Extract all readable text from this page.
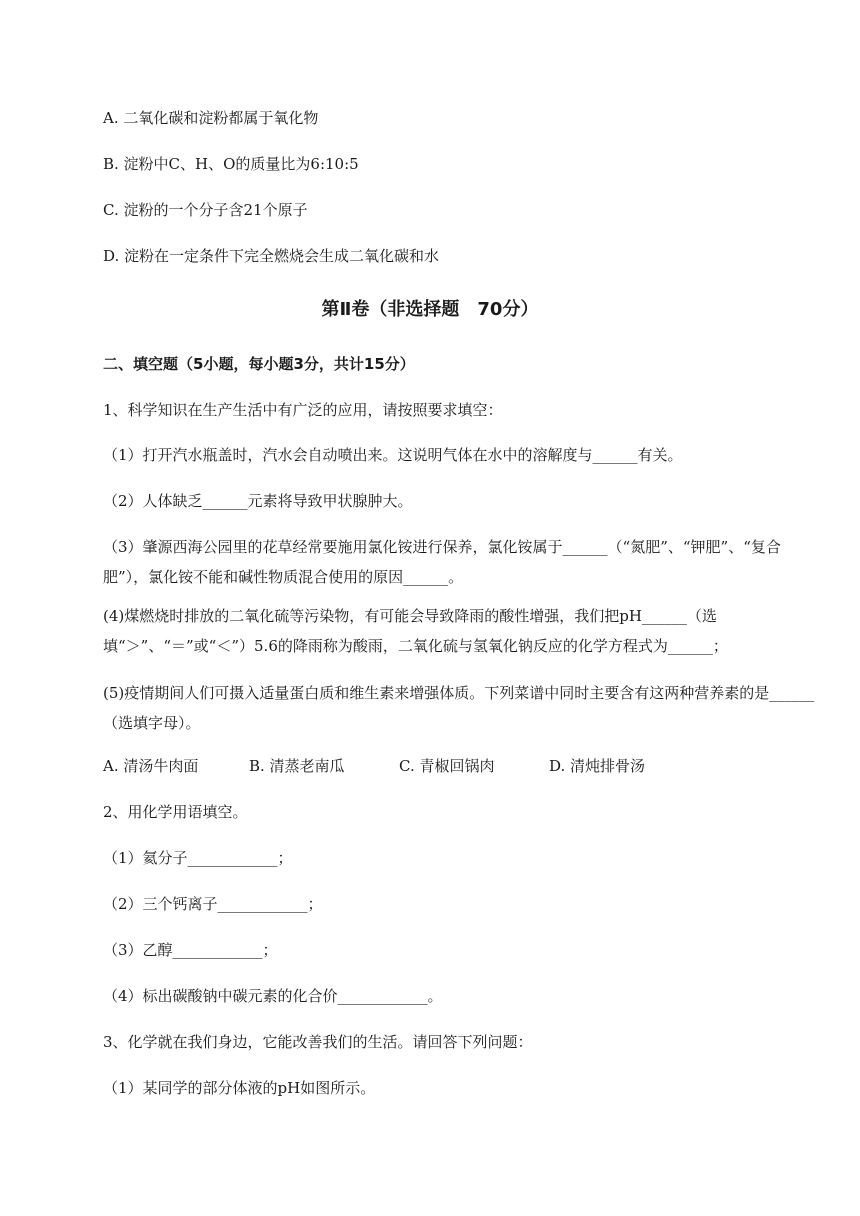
A. 二氧化碳和淀粉都属于氧化物
B. 淀粉中C、H、O的质量比为6:10:5
C. 淀粉的一个分子含21个原子
D. 淀粉在一定条件下完全燃烧会生成二氧化碳和水
第Ⅱ卷（非选择题　70分）
二、填空题（5小题，每小题3分，共计15分）
1、科学知识在生产生活中有广泛的应用，请按照要求填空：
（1）打开汽水瓶盖时，汽水会自动喷出来。这说明气体在水中的溶解度与______有关。
（2）人体缺乏______元素将导致甲状腺肿大。
（3）肇源西海公园里的花草经常要施用氯化铵进行保养，氯化铵属于______（“氮肥”、“钾肥”、“复合肥”），氯化铵不能和碱性物质混合使用的原因______。
(4)煤燃烧时排放的二氧化硫等污染物，有可能会导致降雨的酸性增强，我们把pH______（选填“＞”、“＝”或“＜”）5.6的降雨称为酸雨，二氧化硫与氢氧化钠反应的化学方程式为______；
(5)疫情期间人们可摄入适量蛋白质和维生素来增强体质。下列菜谱中同时主要含有这两种营养素的是______（选填字母）。
A. 清汤牛肉面	B. 清蒸老南瓜	C. 青椒回锅肉	D. 清炖排骨汤
2、用化学用语填空。
（1）氦分子____________；
（2）三个钙离子____________；
（3）乙醇____________；
（4）标出碳酸钠中碳元素的化合价____________。
3、化学就在我们身边，它能改善我们的生活。请回答下列问题：
（1）某同学的部分体液的pH如图所示。
